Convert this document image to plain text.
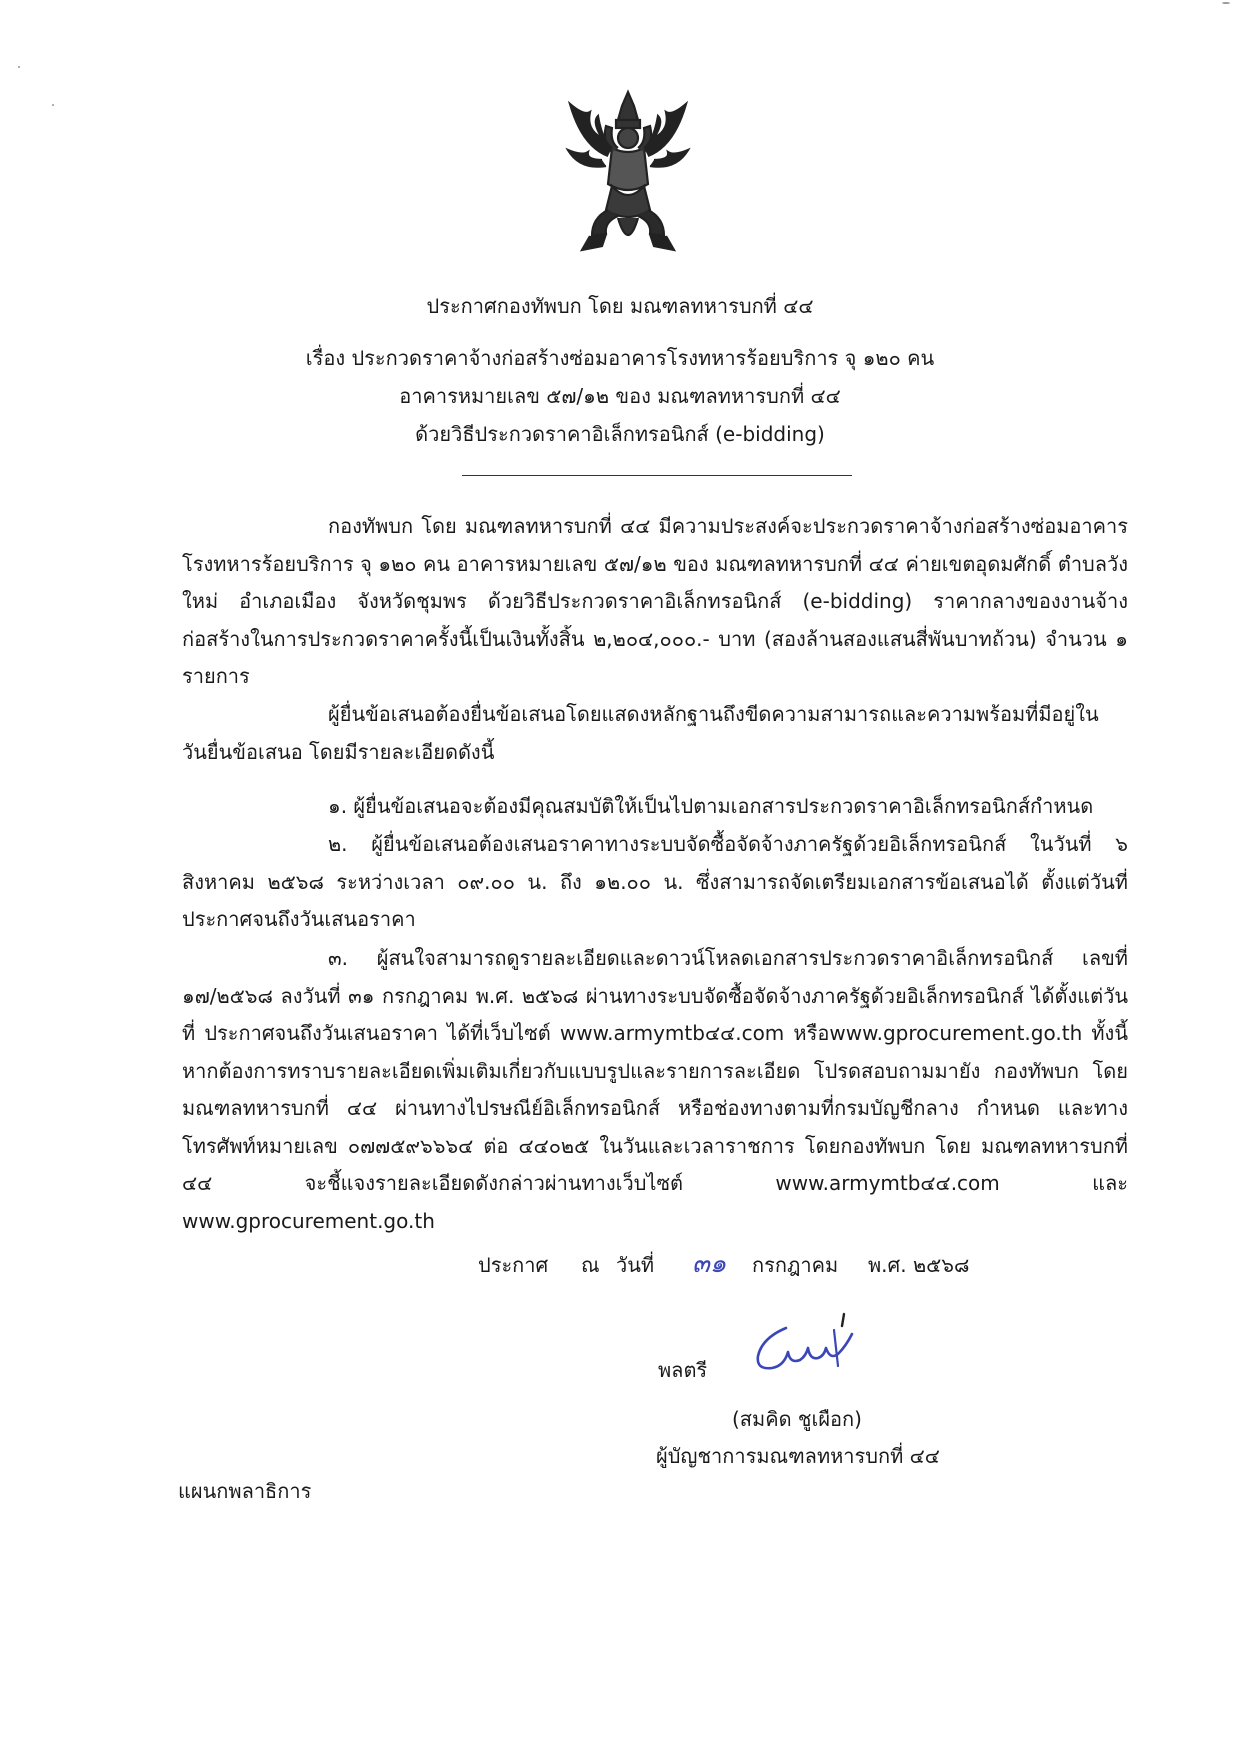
ประกาศกองทัพบก โดย มณฑลทหารบกที่ ๔๔
เรื่อง ประกวดราคาจ้างก่อสร้างซ่อมอาคารโรงทหารร้อยบริการ จุ ๑๒๐ คน
อาคารหมายเลข ๕๗/๑๒ ของ มณฑลทหารบกที่ ๔๔
ด้วยวิธีประกวดราคาอิเล็กทรอนิกส์ (e-bidding)

กองทัพบก โดย มณฑลทหารบกที่ ๔๔ มีความประสงค์จะประกวดราคาจ้างก่อสร้างซ่อมอาคาร โรงทหารร้อยบริการ จุ ๑๒๐ คน อาคารหมายเลข ๕๗/๑๒ ของ มณฑลทหารบกที่ ๔๔ ค่ายเขตอุดมศักดิ์ ตำบลวังใหม่ อำเภอเมือง จังหวัดชุมพร ด้วยวิธีประกวดราคาอิเล็กทรอนิกส์ (e-bidding) ราคากลางของงานจ้าง ก่อสร้างในการประกวดราคาครั้งนี้เป็นเงินทั้งสิ้น ๒,๒๐๔,๐๐๐.- บาท (สองล้านสองแสนสี่พันบาทถ้วน) จำนวน ๑ รายการ

ผู้ยื่นข้อเสนอต้องยื่นข้อเสนอโดยแสดงหลักฐานถึงขีดความสามารถและความพร้อมที่มีอยู่ใน วันยื่นข้อเสนอ โดยมีรายละเอียดดังนี้

๑. ผู้ยื่นข้อเสนอจะต้องมีคุณสมบัติให้เป็นไปตามเอกสารประกวดราคาอิเล็กทรอนิกส์กำหนด

๒. ผู้ยื่นข้อเสนอต้องเสนอราคาทางระบบจัดซื้อจัดจ้างภาครัฐด้วยอิเล็กทรอนิกส์ ในวันที่ ๖ สิงหาคม ๒๕๖๘ ระหว่างเวลา ๐๙.๐๐ น. ถึง ๑๒.๐๐ น. ซึ่งสามารถจัดเตรียมเอกสารข้อเสนอได้ ตั้งแต่วันที่ประกาศจนถึงวันเสนอราคา

๓. ผู้สนใจสามารถดูรายละเอียดและดาวน์โหลดเอกสารประกวดราคาอิเล็กทรอนิกส์ เลขที่ ๑๗/๒๕๖๘ ลงวันที่ ๓๑ กรกฎาคม พ.ศ. ๒๕๖๘ ผ่านทางระบบจัดซื้อจัดจ้างภาครัฐด้วยอิเล็กทรอนิกส์ ได้ตั้งแต่วันที่ ประกาศจนถึงวันเสนอราคา ได้ที่เว็บไซต์ www.armymtb๔๔.com หรือwww.gprocurement.go.th ทั้งนี้ หากต้องการทราบรายละเอียดเพิ่มเติมเกี่ยวกับแบบรูปและรายการละเอียด โปรดสอบถามมายัง กองทัพบก โดย มณฑลทหารบกที่ ๔๔ ผ่านทางไปรษณีย์อิเล็กทรอนิกส์ หรือช่องทางตามที่กรมบัญชีกลาง กำหนด และทางโทรศัพท์หมายเลข ๐๗๗๕๙๖๖๖๔ ต่อ ๔๔๐๒๕ ในวันและเวลาราชการ โดยกองทัพบก โดย มณฑลทหารบกที่ ๔๔ จะชี้แจงรายละเอียดดังกล่าวผ่านทางเว็บไซต์ www.armymtb๔๔.com และ www.gprocurement.go.th

ประกาศ ณ วันที่ ๓๑ กรกฎาคม พ.ศ. ๒๕๖๘
พลตรี
(สมคิด ชูเผือก)
ผู้บัญชาการมณฑลทหารบกที่ ๔๔
แผนกพลาธิการ
